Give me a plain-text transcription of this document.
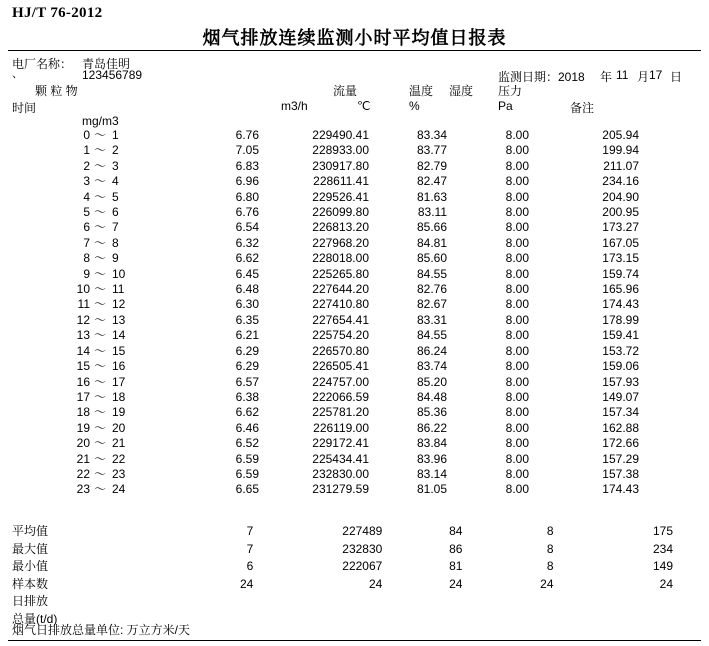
HJ/T 76-2012
烟气排放连续监测小时平均值日报表
电厂名称： 青岛佳明
、	123456789	监测日期：2018 年 11 月 17 日
颗 粒 物	流量	温度 湿度 压力
时间
mg/m3
m3/h	℃	%	Pa	备注
0	～	1	6.76	229490.41	83.34	8.00	205.94	
1	～	2	7.05	228933.00	83.77	8.00	199.94	
2	～	3	6.83	230917.80	82.79	8.00	211.07	
3	～	4	6.96	228611.41	82.47	8.00	234.16	
4	～	5	6.80	229526.41	81.63	8.00	204.90	
5	～	6	6.76	226099.80	83.11	8.00	200.95	
6	～	7	6.54	226813.20	85.66	8.00	173.27	
7	～	8	6.32	227968.20	84.81	8.00	167.05	
8	～	9	6.62	228018.00	85.60	8.00	173.15	
9	～	10	6.45	225265.80	84.55	8.00	159.74	
10	～	11	6.48	227644.20	82.76	8.00	165.96	
11	～	12	6.30	227410.80	82.67	8.00	174.43	
12	～	13	6.35	227654.41	83.31	8.00	178.99	
13	～	14	6.21	225754.20	84.55	8.00	159.41	
14	～	15	6.29	226570.80	86.24	8.00	153.72	
15	～	16	6.29	226505.41	83.74	8.00	159.06	
16	～	17	6.57	224757.00	85.20	8.00	157.93	
17	～	18	6.38	222066.59	84.48	8.00	149.07	
18	～	19	6.62	225781.20	85.36	8.00	157.34	
19	～	20	6.46	226119.00	86.22	8.00	162.88	
20	～	21	6.52	229172.41	83.84	8.00	172.66	
21	～	22	6.59	225434.41	83.96	8.00	157.29	
22	～	23	6.59	232830.00	83.14	8.00	157.38	
23	～	24	6.65	231279.59	81.05	8.00	174.43	
平均值	7	227489	84	8	175	
最大值	7	232830	86	8	234	
最小值	6	222067	81	8	149	
样本数	24	24	24	24	24	
日排放						
总量(t/d)						
烟气日排放总量单位: 万立方米/天
